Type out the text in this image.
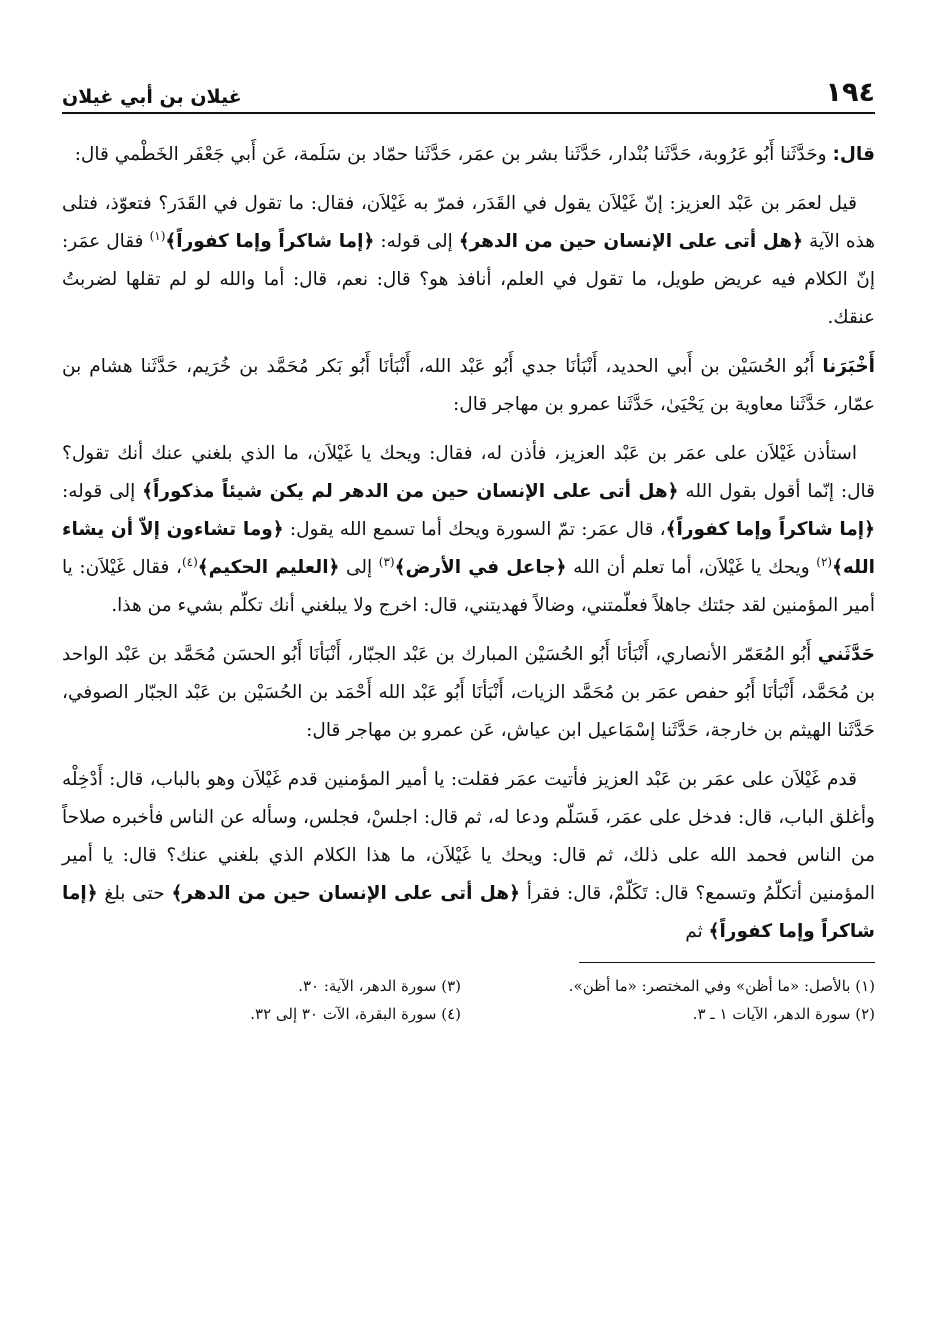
١٩٤
غيلان بن أبي غيلان

قال: وحَدَّثَنا أَبُو عَرُوبة، حَدَّثَنا بُنْدار، حَدَّثَنا بشر بن عمَر، حَدَّثَنا حمّاد بن سَلَمة، عَن أَبي جَعْفَر الخَطْمي قال:

قيل لعمَر بن عَبْد العزيز: إنّ غَيْلاَن يقول في القَدَر، فمرّ به غَيْلاَن، فقال: ما تقول في القَدَر؟ فتعوّذ، فتلى هذه الآية ﴿هل أتى على الإنسان حين من الدهر﴾ إلى قوله: ﴿إما شاكراً وإما كفوراً﴾$^{(١)}$ فقال عمَر: إنّ الكلام فيه عريض طويل، ما تقول في العلم، أنافذ هو؟ قال: نعم، قال: أما والله لو لم تقلها لضربتُ عنقك.

أَخْبَرَنا أَبُو الحُسَيْن بن أَبي الحديد، أَنْبَأنَا جدي أَبُو عَبْد الله، أَنْبَأنَا أَبُو بَكر مُحَمَّد بن خُرَيم، حَدَّثَنا هشام بن عمّار، حَدَّثَنا معاوية بن يَحْيَىٰ، حَدَّثَنا عمرو بن مهاجر قال:

استأذن غَيْلاَن على عمَر بن عَبْد العزيز، فأذن له، فقال: ويحك يا غَيْلاَن، ما الذي بلغني عنك أنك تقول؟ قال: إنّما أقول بقول الله ﴿هل أتى على الإنسان حين من الدهر لم يكن شيئاً مذكوراً﴾ إلى قوله: ﴿إما شاكراً وإما كفوراً﴾، قال عمَر: تمّ السورة ويحك أما تسمع الله يقول: ﴿وما تشاءون إلاّ أن يشاء الله﴾$^{(٢)}$ ويحك يا غَيْلاَن، أما تعلم أن الله ﴿جاعل في الأرض﴾$^{(٣)}$ إلى ﴿العليم الحكيم﴾$^{(٤)}$، فقال غَيْلاَن: يا أمير المؤمنين لقد جئتك جاهلاً فعلّمتني، وضالاً فهديتني، قال: اخرج ولا يبلغني أنك تكلّم بشيء من هذا.

حَدَّثَني أَبُو المُعَمّر الأنصاري، أَنْبَأنَا أَبُو الحُسَيْن المبارك بن عَبْد الجبّار، أَنْبَأنَا أَبُو الحسَن مُحَمَّد بن عَبْد الواحد بن مُحَمَّد، أَنْبَأنَا أَبُو حفص عمَر بن مُحَمَّد الزيات، أَنْبَأنَا أَبُو عَبْد الله أَحْمَد بن الحُسَيْن بن عَبْد الجبّار الصوفي، حَدَّثَنا الهيثم بن خارجة، حَدَّثَنا إسْمَاعيل ابن عياش، عَن عمرو بن مهاجر قال:

قدم غَيْلاَن على عمَر بن عَبْد العزيز فأتيت عمَر فقلت: يا أمير المؤمنين قدم غَيْلاَن وهو بالباب، قال: أَدْخِلْه وأغلق الباب، قال: فدخل على عمَر، فَسَلّم ودعا له، ثم قال: اجلسْ، فجلس، وسأله عن الناس فأخبره صلاحاً من الناس فحمد الله على ذلك، ثم قال: ويحك يا غَيْلاَن، ما هذا الكلام الذي بلغني عنك؟ قال: يا أمير المؤمنين أتكلّمُ وتسمع؟ قال: تَكَلّمْ، قال: فقرأ ﴿هل أتى على الإنسان حين من الدهر﴾ حتى بلغ ﴿إما شاكراً وإما كفوراً﴾ ثم

(١) بالأصل: «ما أظن» وفي المختصر: «ما أظن».
(٣) سورة الدهر، الآية: ٣٠.
(٢) سورة الدهر، الآيات ١ ـ ٣.
(٤) سورة البقرة، الآت ٣٠ إلى ٣٢.
